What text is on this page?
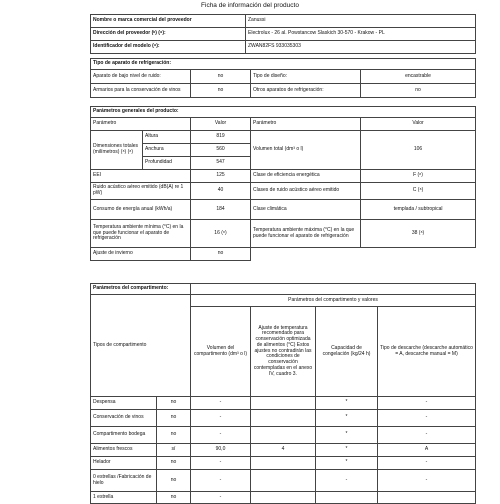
Ficha de información del producto
Nombre o marca comercial del proveedor	Zanussi
Dirección del proveedor (ᵇ) (⁸):	Electrolux - 26 al. Powstancow Slaskich 30-570 - Krakow - PL
Identificador del modelo (⁸):	ZWAN82FS 933035303
Tipo de aparato de refrigeración:			
Aparato de bajo nivel de ruido:	no	Tipo de diseño:	encastrable
Armarios para la conservación de vinos	no	Otros aparatos de refrigeración:	no
Parámetros generales del producto:				
Parámetro		Valor	Parámetro	Valor
Dimensiones totales (milímetros) (⁸) (⁸)	Altura	819	Volumen total (dm³ o l)	106
	Anchura	560		
	Profundidad	547		
EEI		125	Clase de eficiencia energética	F (⁸)
Ruido acústico aéreo emitido (dB(A) re 1 pW)		40	Clases de ruido acústico aéreo emitido	C (⁸)
Consumo de energía anual (kWh/a)		184	Clase climática	templada / subtropical
Temperatura ambiente mínima (°C) en la que puede funcionar el aparato de refrigeración		16 (⁸)	Temperatura ambiente máxima (°C) en la que puede funcionar el aparato de refrigeración	38 (⁸)
Ajuste de invierno		no		
Parámetros del compartimento:					
Tipos de compartimento		Parámetros del compartimento y valores			
		Volumen del compartimento (dm³ o l)	Ajuste de temperatura recomendado para conservación optimizada de alimentos (°C) Estos ajustes no contradirán las condiciones de conservación contempladas en el anexo IV, cuadro 3.	Capacidad de congelación (kg/24 h)	Tipo de descarche (descarche automático = A, descarche manual = M)
Despensa	no	-		*	-
Conservación de vinos	no	-		*	-
Compartimento bodega	no	-		*	-
Alimentos frescos	sí	90,0	4	*	A
Helador	no	-		*	-
0 estrellas /Fabricación de hielo	no	-		-	-
1 estrella	no	-			
